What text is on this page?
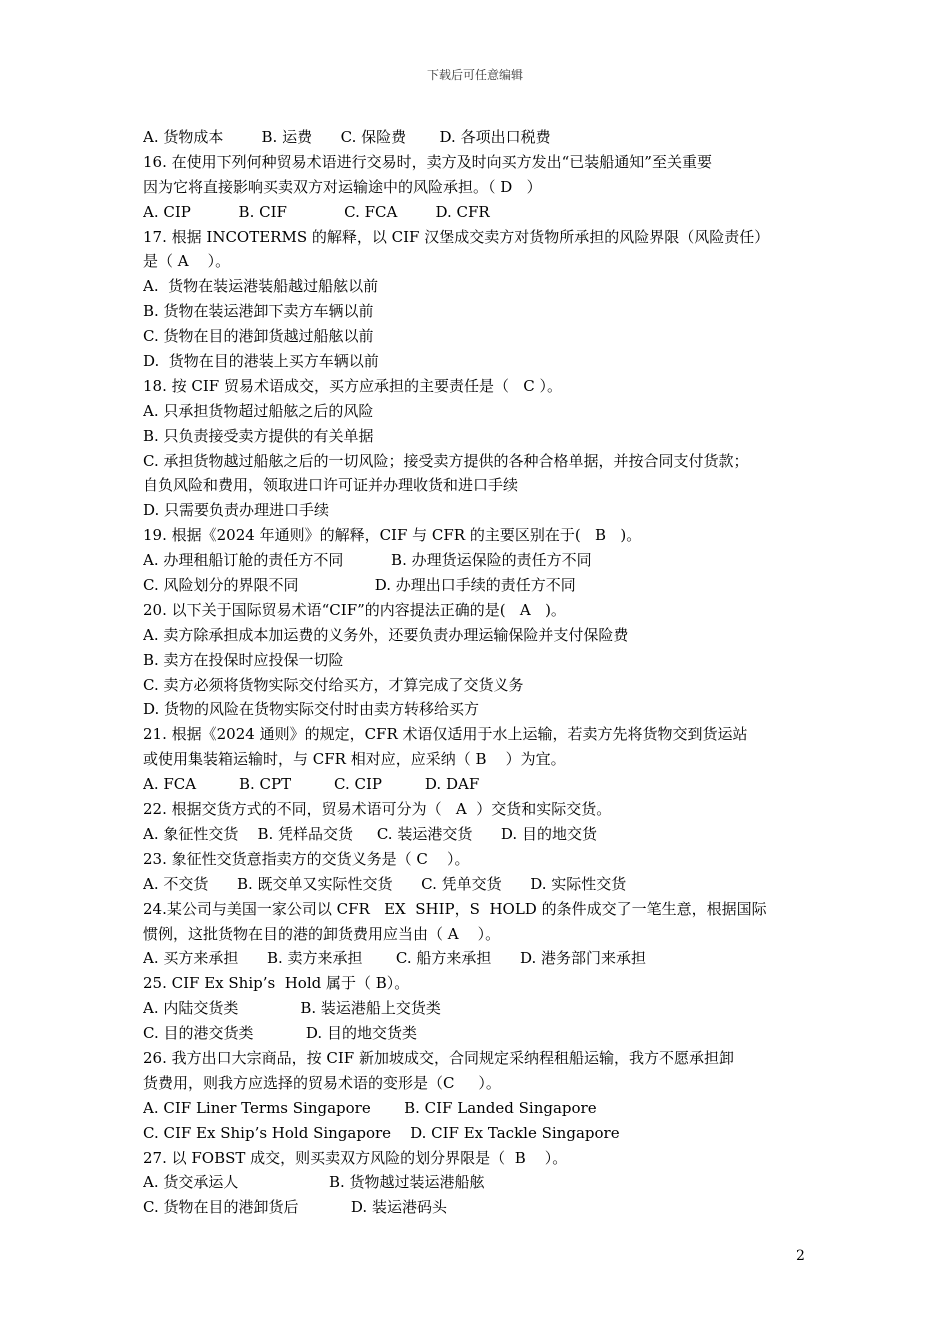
下载后可任意编辑
A. 货物成本        B. 运费      C. 保险费       D. 各项出口税费
16. 在使用下列何种贸易术语进行交易时，卖方及时向买方发出“已装船通知”至关重要
因为它将直接影响买卖双方对运输途中的风险承担。（ D   ）
A. CIP          B. CIF            C. FCA        D. CFR
17. 根据 INCOTERMS 的解释，以 CIF 汉堡成交卖方对货物所承担的风险界限（风险责任）
是（ A    ）。
A.  货物在装运港装船越过船舷以前
B. 货物在装运港卸下卖方车辆以前
C. 货物在目的港卸货越过船舷以前
D.  货物在目的港装上买方车辆以前
18. 按 CIF 贸易术语成交，买方应承担的主要责任是（   C ）。
A. 只承担货物超过船舷之后的风险
B. 只负责接受卖方提供的有关单据
C. 承担货物越过船舷之后的一切风险；接受卖方提供的各种合格单据，并按合同支付货款；
自负风险和费用，领取进口许可证并办理收货和进口手续
D. 只需要负责办理进口手续
19. 根据《2024 年通则》的解释，CIF 与 CFR 的主要区别在于(   B   )。
A. 办理租船订舱的责任方不同          B. 办理货运保险的责任方不同
C. 风险划分的界限不同                D. 办理出口手续的责任方不同
20. 以下关于国际贸易术语“CIF”的内容提法正确的是(   A   )。
A. 卖方除承担成本加运费的义务外，还要负责办理运输保险并支付保险费
B. 卖方在投保时应投保一切险
C. 卖方必须将货物实际交付给买方，才算完成了交货义务
D. 货物的风险在货物实际交付时由卖方转移给买方
21. 根据《2024 通则》的规定，CFR 术语仅适用于水上运输，若卖方先将货物交到货运站
或使用集装箱运输时，与 CFR 相对应，应采纳（ B    ）为宜。
A. FCA         B. CPT         C. CIP         D. DAF
22. 根据交货方式的不同，贸易术语可分为（   A  ）交货和实际交货。
A. 象征性交货    B. 凭样品交货     C. 装运港交货      D. 目的地交货
23. 象征性交货意指卖方的交货义务是（ C    ）。
A. 不交货      B. 既交单又实际性交货      C. 凭单交货      D. 实际性交货
24.某公司与美国一家公司以 CFR   EX  SHIP，S  HOLD 的条件成交了一笔生意，根据国际
惯例，这批货物在目的港的卸货费用应当由（ A    ）。
A. 买方来承担      B. 卖方来承担       C. 船方来承担      D. 港务部门来承担
25. CIF Ex Ship’s  Hold 属于（ B）。
A. 内陆交货类             B. 装运港船上交货类
C. 目的港交货类           D. 目的地交货类
26. 我方出口大宗商品，按 CIF 新加坡成交，合同规定采纳程租船运输，我方不愿承担卸
货费用，则我方应选择的贸易术语的变形是（C     ）。
A. CIF Liner Terms Singapore       B. CIF Landed Singapore
C. CIF Ex Ship’s Hold Singapore    D. CIF Ex Tackle Singapore
27. 以 FOBST 成交，则买卖双方风险的划分界限是（  B    ）。
A. 货交承运人                   B. 货物越过装运港船舷
C. 货物在目的港卸货后           D. 装运港码头
2
